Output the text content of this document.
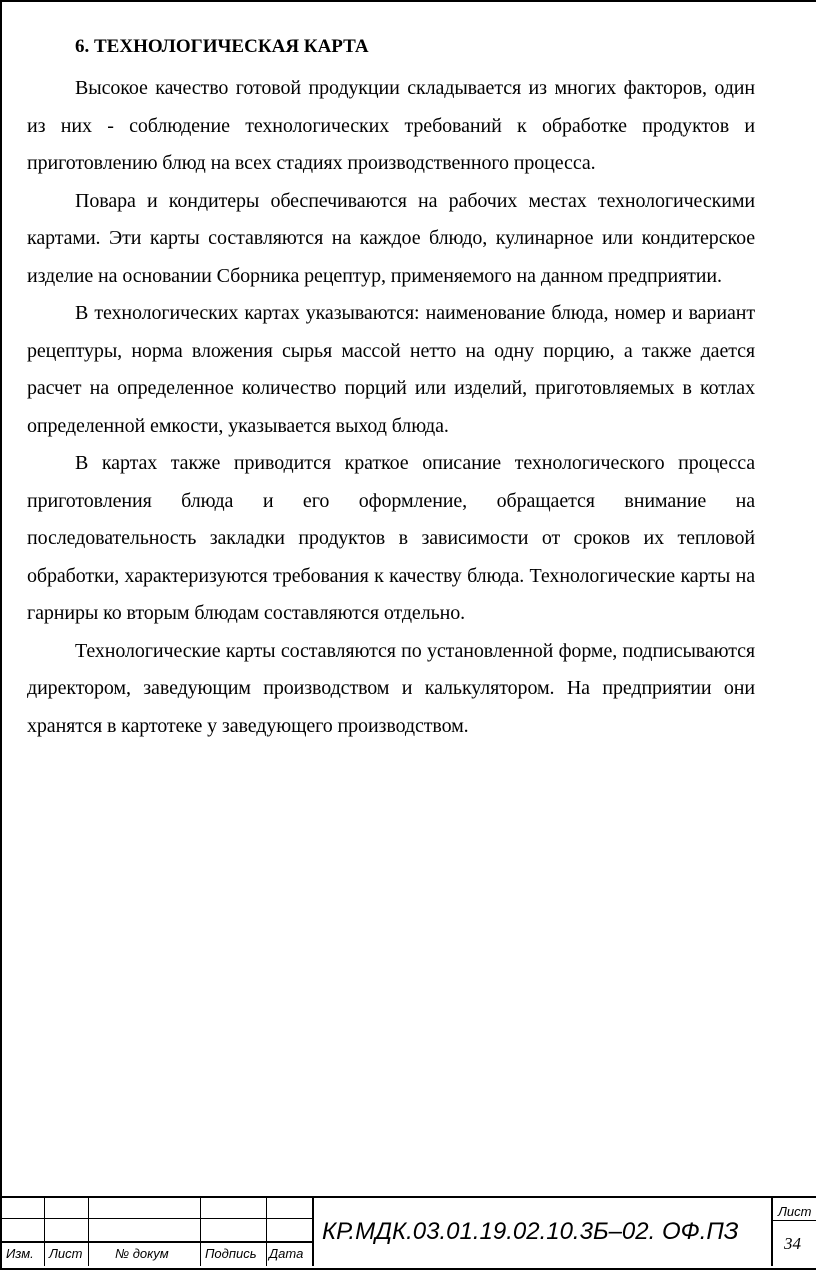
6. ТЕХНОЛОГИЧЕСКАЯ КАРТА

Высокое качество готовой продукции складывается из многих факторов, один из них - соблюдение технологических требований к обработке продуктов и приготовлению блюд на всех стадиях производственного процесса.

Повара и кондитеры обеспечиваются на рабочих местах технологическими картами. Эти карты составляются на каждое блюдо, кулинарное или кондитерское изделие на основании Сборника рецептур, применяемого на данном предприятии.

В технологических картах указываются: наименование блюда, номер и вариант рецептуры, норма вложения сырья массой нетто на одну порцию, а также дается расчет на определенное количество порций или изделий, приготовляемых в котлах определенной емкости, указывается выход блюда.

В картах также приводится краткое описание технологического процесса приготовления блюда и его оформление, обращается внимание на последовательность закладки продуктов в зависимости от сроков их тепловой обработки, характеризуются требования к качеству блюда. Технологические карты на гарниры ко вторым блюдам составляются отдельно.

Технологические карты составляются по установленной форме, подписываются директором, заведующим производством и калькулятором. На предприятии они хранятся в картотеке у заведующего производством.

Изм. Лист	№ докум	Подпись Дата
КР.МДК.03.01.19.02.10.3Б–02. ОФ.ПЗ
Лист
34
